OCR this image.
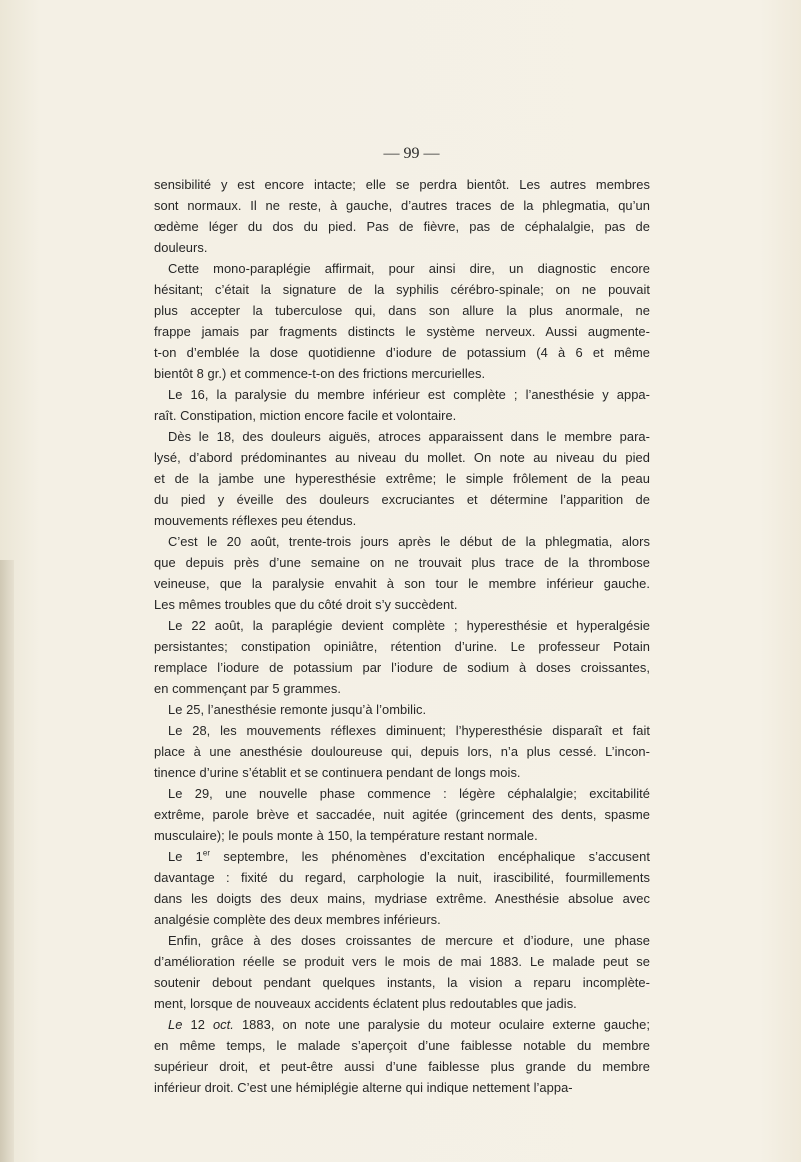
— 99 —

sensibilité y est encore intacte; elle se perdra bientôt. Les autres membres
sont normaux. Il ne reste, à gauche, d’autres traces de la phlegmatia, qu’un
œdème léger du dos du pied. Pas de fièvre, pas de céphalalgie, pas de
douleurs.

Cette mono-paraplégie affirmait, pour ainsi dire, un diagnostic encore
hésitant; c’était la signature de la syphilis cérébro-spinale; on ne pouvait
plus accepter la tuberculose qui, dans son allure la plus anormale, ne
frappe jamais par fragments distincts le système nerveux. Aussi augmente-
t-on d’emblée la dose quotidienne d’iodure de potassium (4 à 6 et même
bientôt 8 gr.) et commence-t-on des frictions mercurielles.

Le 16, la paralysie du membre inférieur est complète ; l’anesthésie y appa-
raît. Constipation, miction encore facile et volontaire.

Dès le 18, des douleurs aiguës, atroces apparaissent dans le membre para-
lysé, d’abord prédominantes au niveau du mollet. On note au niveau du pied
et de la jambe une hyperesthésie extrême; le simple frôlement de la peau
du pied y éveille des douleurs excruciantes et détermine l’apparition de
mouvements réflexes peu étendus.

C’est le 20 août, trente-trois jours après le début de la phlegmatia, alors
que depuis près d’une semaine on ne trouvait plus trace de la thrombose
veineuse, que la paralysie envahit à son tour le membre inférieur gauche.
Les mêmes troubles que du côté droit s’y succèdent.

Le 22 août, la paraplégie devient complète ; hyperesthésie et hyperalgésie
persistantes; constipation opiniâtre, rétention d’urine. Le professeur Potain
remplace l’iodure de potassium par l’iodure de sodium à doses croissantes,
en commençant par 5 grammes.

Le 25, l’anesthésie remonte jusqu’à l’ombilic.

Le 28, les mouvements réflexes diminuent; l’hyperesthésie disparaît et fait
place à une anesthésie douloureuse qui, depuis lors, n’a plus cessé. L’incon-
tinence d’urine s’établit et se continuera pendant de longs mois.

Le 29, une nouvelle phase commence : légère céphalalgie; excitabilité
extrême, parole brève et saccadée, nuit agitée (grincement des dents, spasme
musculaire); le pouls monte à 150, la température restant normale.

Le 1er septembre, les phénomènes d’excitation encéphalique s’accusent
davantage : fixité du regard, carphologie la nuit, irascibilité, fourmillements
dans les doigts des deux mains, mydriase extrême. Anesthésie absolue avec
analgésie complète des deux membres inférieurs.

Enfin, grâce à des doses croissantes de mercure et d’iodure, une phase
d’amélioration réelle se produit vers le mois de mai 1883. Le malade peut se
soutenir debout pendant quelques instants, la vision a reparu incomplète-
ment, lorsque de nouveaux accidents éclatent plus redoutables que jadis.

Le 12 oct. 1883, on note une paralysie du moteur oculaire externe gauche;
en même temps, le malade s’aperçoit d’une faiblesse notable du membre
supérieur droit, et peut-être aussi d’une faiblesse plus grande du membre
inférieur droit. C’est une hémiplégie alterne qui indique nettement l’appa-
